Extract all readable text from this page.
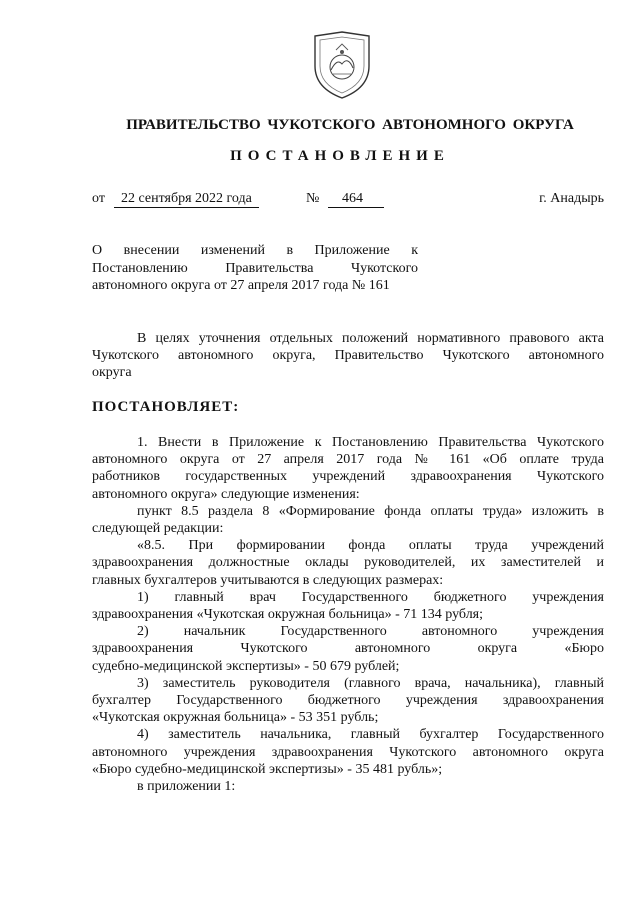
ПРАВИТЕЛЬСТВО ЧУКОТСКОГО АВТОНОМНОГО ОКРУГА
ПОСТАНОВЛЕНИЕ
от	22 сентября 2022 года	№	464	г. Анадырь
О внесении изменений в Приложение к
Постановлению Правительства Чукотского
автономного округа от 27 апреля 2017 года № 161
В целях уточнения отдельных положений нормативного правового акта
Чукотского автономного округа, Правительство Чукотского автономного
округа
ПОСТАНОВЛЯЕТ:
1. Внести в Приложение к Постановлению Правительства Чукотского
автономного округа от 27 апреля 2017 года № 161 «Об оплате труда
работников государственных учреждений здравоохранения Чукотского
автономного округа» следующие изменения:
пункт 8.5 раздела 8 «Формирование фонда оплаты труда» изложить в
следующей редакции:
«8.5. При формировании фонда оплаты труда учреждений
здравоохранения должностные оклады руководителей, их заместителей и
главных бухгалтеров учитываются в следующих размерах:
1) главный врач Государственного бюджетного учреждения
здравоохранения «Чукотская окружная больница» - 71 134 рубля;
2) начальник Государственного автономного учреждения
здравоохранения Чукотского автономного округа «Бюро
судебно-медицинской экспертизы» - 50 679 рублей;
3) заместитель руководителя (главного врача, начальника), главный
бухгалтер Государственного бюджетного учреждения здравоохранения
«Чукотская окружная больница» - 53 351 рубль;
4) заместитель начальника, главный бухгалтер Государственного
автономного учреждения здравоохранения Чукотского автономного округа
«Бюро судебно-медицинской экспертизы» - 35 481 рубль»;
в приложении 1:
